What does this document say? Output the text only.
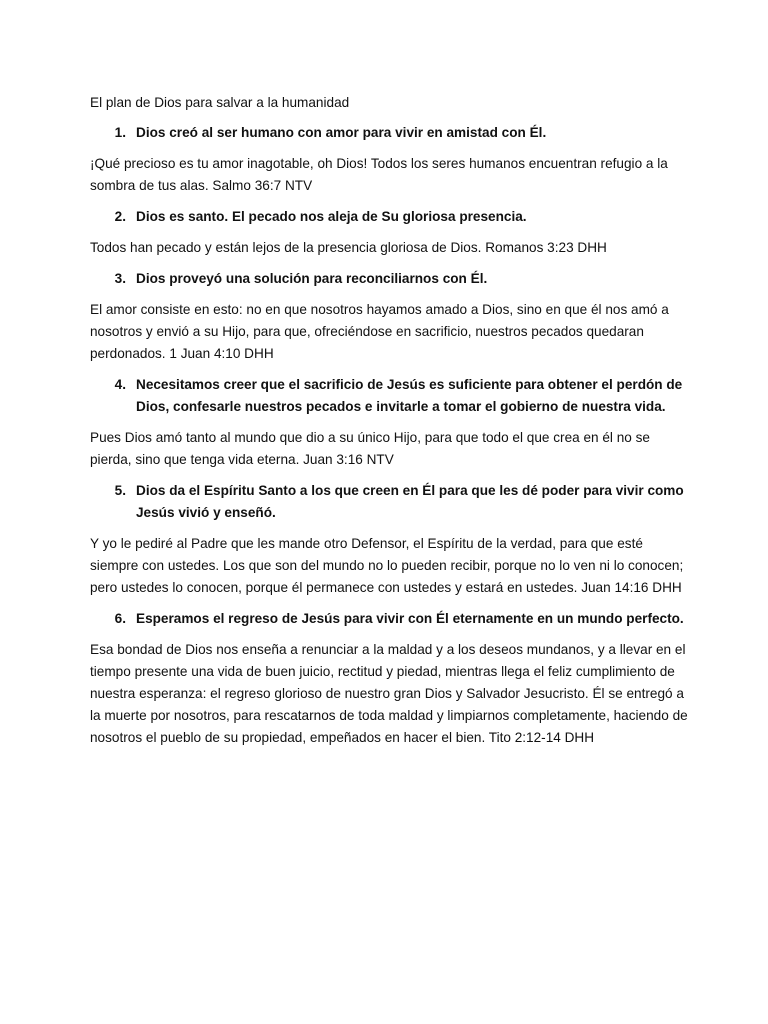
El plan de Dios para salvar a la humanidad

1. Dios creó al ser humano con amor para vivir en amistad con Él.

¡Qué precioso es tu amor inagotable, oh Dios! Todos los seres humanos encuentran refugio a la sombra de tus alas. Salmo 36:7 NTV

2. Dios es santo. El pecado nos aleja de Su gloriosa presencia.

Todos han pecado y están lejos de la presencia gloriosa de Dios. Romanos 3:23 DHH

3. Dios proveyó una solución para reconciliarnos con Él.

El amor consiste en esto: no en que nosotros hayamos amado a Dios, sino en que él nos amó a nosotros y envió a su Hijo, para que, ofreciéndose en sacrificio, nuestros pecados quedaran perdonados. 1 Juan 4:10 DHH

4. Necesitamos creer que el sacrificio de Jesús es suficiente para obtener el perdón de Dios, confesarle nuestros pecados e invitarle a tomar el gobierno de nuestra vida.

Pues Dios amó tanto al mundo que dio a su único Hijo, para que todo el que crea en él no se pierda, sino que tenga vida eterna. Juan 3:16 NTV

5. Dios da el Espíritu Santo a los que creen en Él para que les dé poder para vivir como Jesús vivió y enseñó.

Y yo le pediré al Padre que les mande otro Defensor, el Espíritu de la verdad, para que esté siempre con ustedes. Los que son del mundo no lo pueden recibir, porque no lo ven ni lo conocen; pero ustedes lo conocen, porque él permanece con ustedes y estará en ustedes. Juan 14:16 DHH

6. Esperamos el regreso de Jesús para vivir con Él eternamente en un mundo perfecto.

Esa bondad de Dios nos enseña a renunciar a la maldad y a los deseos mundanos, y a llevar en el tiempo presente una vida de buen juicio, rectitud y piedad, mientras llega el feliz cumplimiento de nuestra esperanza: el regreso glorioso de nuestro gran Dios y Salvador Jesucristo. Él se entregó a la muerte por nosotros, para rescatarnos de toda maldad y limpiarnos completamente, haciendo de nosotros el pueblo de su propiedad, empeñados en hacer el bien. Tito 2:12-14 DHH
